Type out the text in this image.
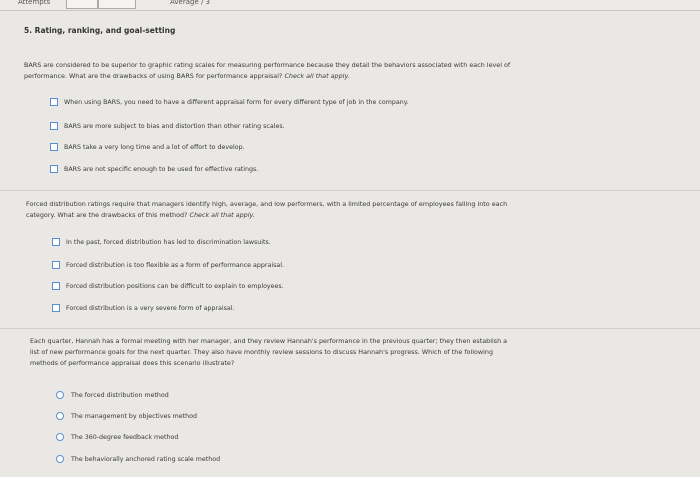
Attempts	Average / 3
5. Rating, ranking, and goal-setting
BARS are considered to be superior to graphic rating scales for measuring performance because they detail the behaviors associated with each level of
performance. What are the drawbacks of using BARS for performance appraisal? Check all that apply.
When using BARS, you need to have a different appraisal form for every different type of job in the company.
BARS are more subject to bias and distortion than other rating scales.
BARS take a very long time and a lot of effort to develop.
BARS are not specific enough to be used for effective ratings.
Forced distribution ratings require that managers identify high, average, and low performers, with a limited percentage of employees falling into each
category. What are the drawbacks of this method? Check all that apply.
In the past, forced distribution has led to discrimination lawsuits.
Forced distribution is too flexible as a form of performance appraisal.
Forced distribution positions can be difficult to explain to employees.
Forced distribution is a very severe form of appraisal.
Each quarter, Hannah has a formal meeting with her manager, and they review Hannah's performance in the previous quarter; they then establish a
list of new performance goals for the next quarter. They also have monthly review sessions to discuss Hannah's progress. Which of the following
methods of performance appraisal does this scenario illustrate?
The forced distribution method
The management by objectives method
The 360-degree feedback method
The behaviorally anchored rating scale method
